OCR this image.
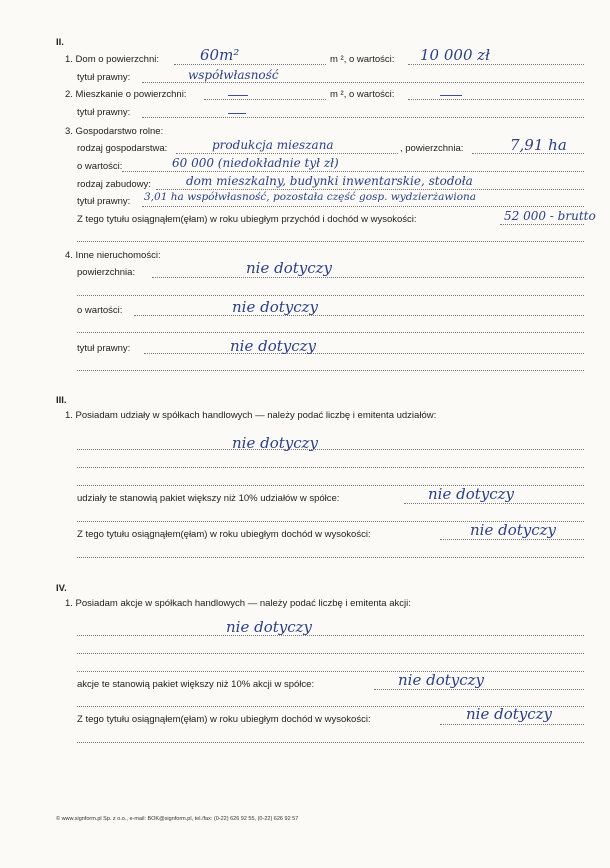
II.
1. Dom o powierzchni:	60m²	m ², o wartości: 10 000 zł
tytuł prawny:	współwłasność
2. Mieszkanie o powierzchni:	m ², o wartości:
tytuł prawny:
3. Gospodarstwo rolne:
rodzaj gospodarstwa:	produkcja mieszana	, powierzchnia:	7,91 ha
o wartości:	60 000 (niedokładnie tył zł)
rodzaj zabudowy:	dom mieszkalny, budynki inwentarskie, stodoła
tytuł prawny: 3,01 ha współwłasność, pozostała część gosp. wydzierżawiona
Z tego tytułu osiągnąłem(ęłam) w roku ubiegłym przychód i dochód w wysokości:	52 000 - brutto
4. Inne nieruchomości:
powierzchnia:	nie dotyczy
o wartości:	nie dotyczy
tytuł prawny:	nie dotyczy
III.
1. Posiadam udziały w spółkach handlowych — należy podać liczbę i emitenta udziałów:
nie dotyczy
udziały te stanowią pakiet większy niż 10% udziałów w spółce:	nie dotyczy
Z tego tytułu osiągnąłem(ęłam) w roku ubiegłym dochód w wysokości:	nie dotyczy
IV.
1. Posiadam akcje w spółkach handlowych — należy podać liczbę i emitenta akcji:
nie dotyczy
akcje te stanowią pakiet większy niż 10% akcji w spółce:	nie dotyczy
Z tego tytułu osiągnąłem(ęłam) w roku ubiegłym dochód w wysokości:	nie dotyczy
© www.signform.pl Sp. z o.o., e-mail: BOK@signform.pl, tel./fax: (0-22) 626 92 55, (0-22) 626 92 57
